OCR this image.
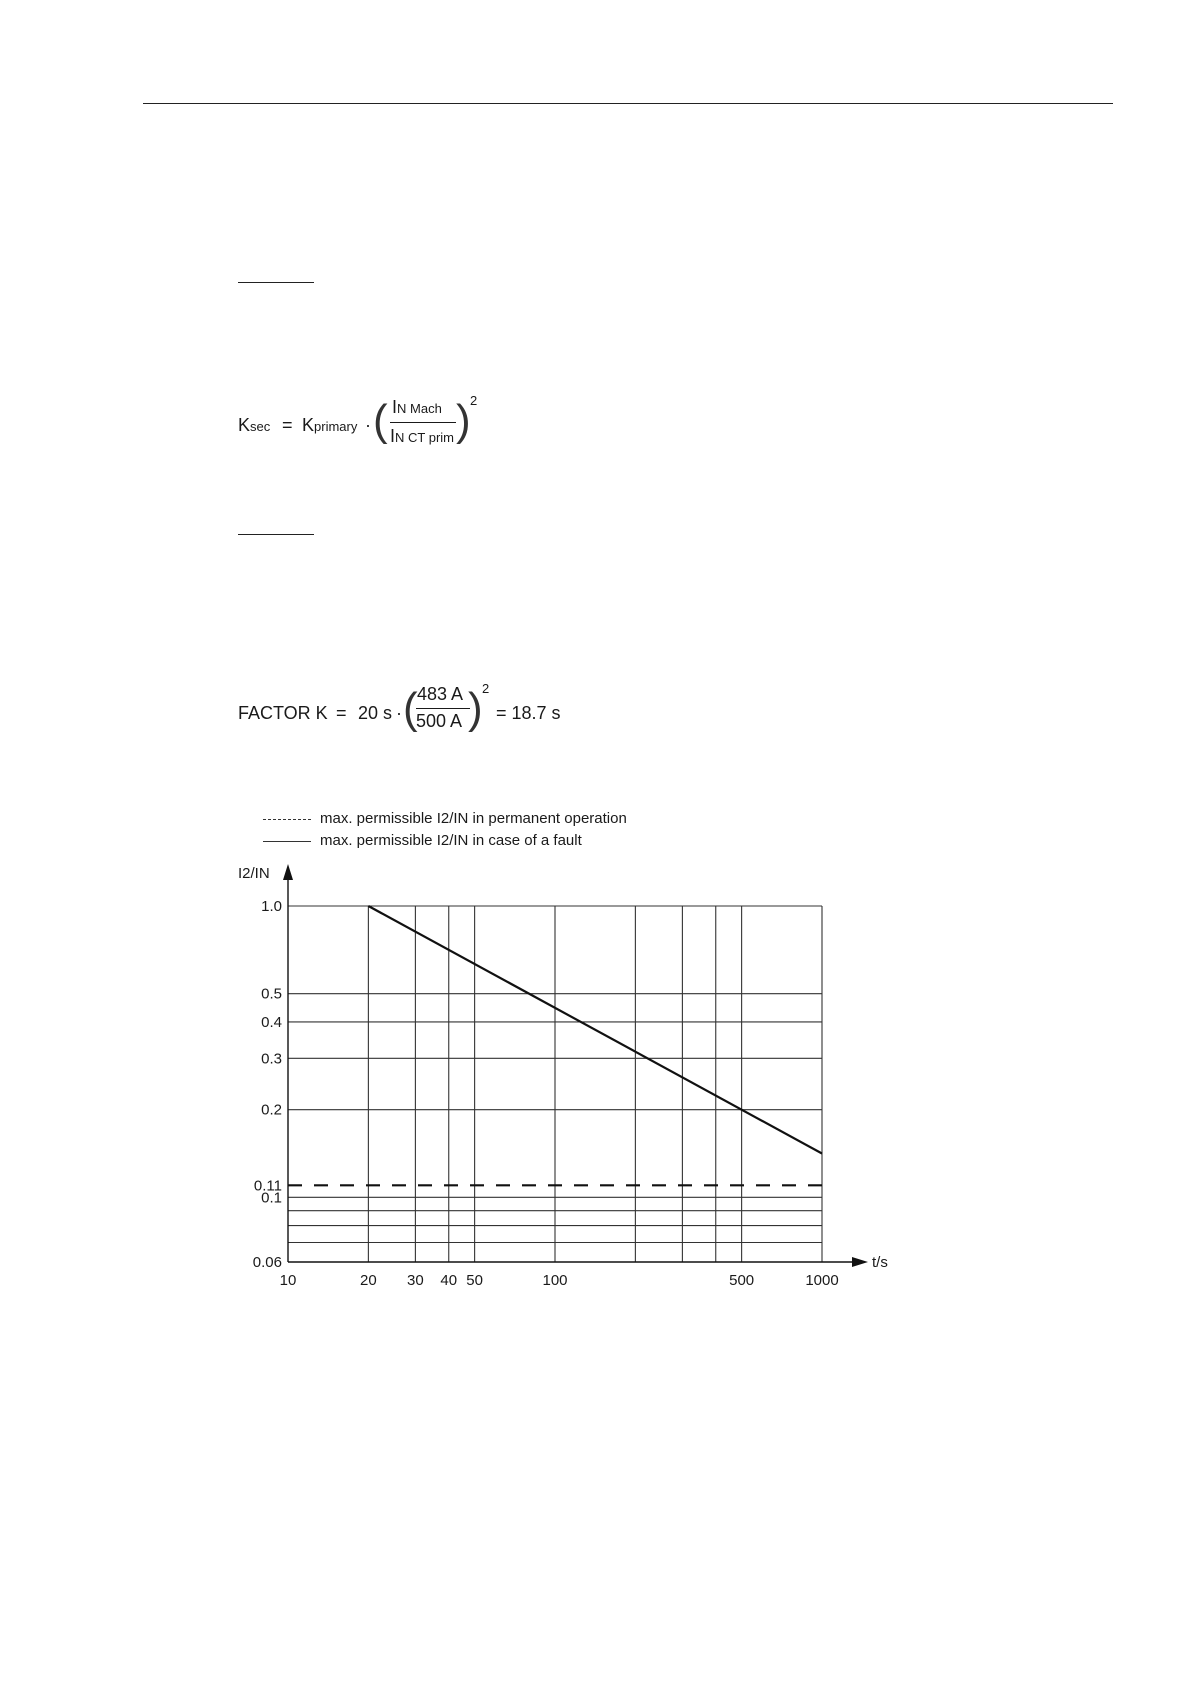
Ksec = Kprimary · ( IN Mach
IN CT prim ) 2
FACTOR K = 20 s · ( 483 A
500 A ) 2
= 18.7 s
max. permissible I2/IN in permanent operation
max. permissible I2/IN in case of a fault
1.0
0.5
0.4
0.3
0.2
0.11
0.1
0.06
10	20 30 40 50	100	500	1000
I2/IN
t/s
